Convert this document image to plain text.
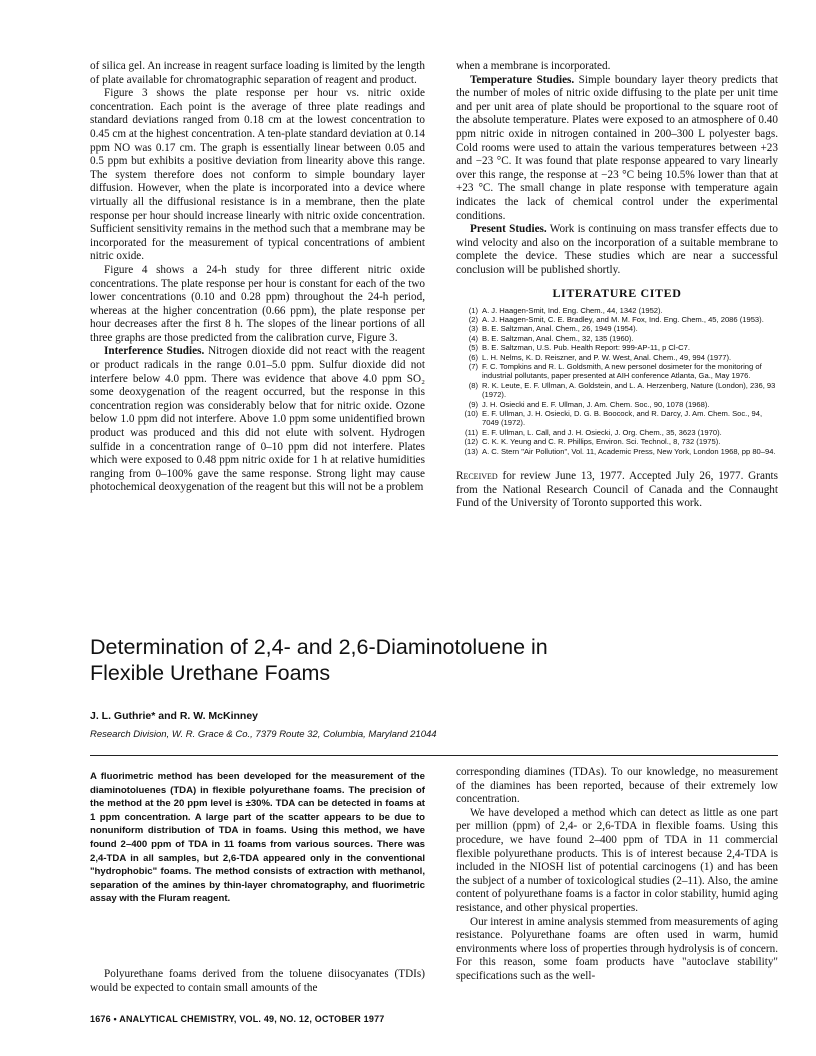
of silica gel. An increase in reagent surface loading is limited by the length of plate available for chromatographic separation of reagent and product.

Figure 3 shows the plate response per hour vs. nitric oxide concentration. Each point is the average of three plate readings and standard deviations ranged from 0.18 cm at the lowest concentration to 0.45 cm at the highest concentration. A ten-plate standard deviation at 0.14 ppm NO was 0.17 cm. The graph is essentially linear between 0.05 and 0.5 ppm but exhibits a positive deviation from linearity above this range. The system therefore does not conform to simple boundary layer diffusion. However, when the plate is incorporated into a device where virtually all the diffusional resistance is in a membrane, then the plate response per hour should increase linearly with nitric oxide concentration. Sufficient sensitivity remains in the method such that a membrane may be incorporated for the measurement of typical concentrations of ambient nitric oxide.

Figure 4 shows a 24-h study for three different nitric oxide concentrations. The plate response per hour is constant for each of the two lower concentrations (0.10 and 0.28 ppm) throughout the 24-h period, whereas at the higher concentration (0.66 ppm), the plate response per hour decreases after the first 8 h. The slopes of the linear portions of all three graphs are those predicted from the calibration curve, Figure 3.

Interference Studies. Nitrogen dioxide did not react with the reagent or product radicals in the range 0.01–5.0 ppm. Sulfur dioxide did not interfere below 4.0 ppm. There was evidence that above 4.0 ppm SO₂ some deoxygenation of the reagent occurred, but the response in this concentration region was considerably below that for nitric oxide. Ozone below 1.0 ppm did not interfere. Above 1.0 ppm some unidentified brown product was produced and this did not elute with solvent. Hydrogen sulfide in a concentration range of 0–10 ppm did not interfere. Plates which were exposed to 0.48 ppm nitric oxide for 1 h at relative humidities ranging from 0–100% gave the same response. Strong light may cause photochemical deoxygenation of the reagent but this will not be a problem

when a membrane is incorporated.

Temperature Studies. Simple boundary layer theory predicts that the number of moles of nitric oxide diffusing to the plate per unit time and per unit area of plate should be proportional to the square root of the absolute temperature. Plates were exposed to an atmosphere of 0.40 ppm nitric oxide in nitrogen contained in 200–300 L polyester bags. Cold rooms were used to attain the various temperatures between +23 and −23 °C. It was found that plate response appeared to vary linearly over this range, the response at −23 °C being 10.5% lower than that at +23 °C. The small change in plate response with temperature again indicates the lack of chemical control under the experimental conditions.

Present Studies. Work is continuing on mass transfer effects due to wind velocity and also on the incorporation of a suitable membrane to complete the device. These studies which are near a successful conclusion will be published shortly.

LITERATURE CITED
(1) A. J. Haagen-Smit, Ind. Eng. Chem., 44, 1342 (1952).
(2) A. J. Haagen-Smit, C. E. Bradley, and M. M. Fox, Ind. Eng. Chem., 45, 2086 (1953).
(3) B. E. Saltzman, Anal. Chem., 26, 1949 (1954).
(4) B. E. Saltzman, Anal. Chem., 32, 135 (1960).
(5) B. E. Saltzman, U.S. Pub. Health Report: 999-AP-11, p Cl-C7.
(6) L. H. Nelms, K. D. Reiszner, and P. W. West, Anal. Chem., 49, 994 (1977).
(7) F. C. Tompkins and R. L. Goldsmith, A new personel dosimeter for the monitoring of industrial pollutants, paper presented at AIH conference Atlanta, Ga., May 1976.
(8) R. K. Leute, E. F. Ullman, A. Goldstein, and L. A. Herzenberg, Nature (London), 236, 93 (1972).
(9) J. H. Osiecki and E. F. Ullman, J. Am. Chem. Soc., 90, 1078 (1968).
(10) E. F. Ullman, J. H. Osiecki, D. G. B. Boocock, and R. Darcy, J. Am. Chem. Soc., 94, 7049 (1972).
(11) E. F. Ullman, L. Call, and J. H. Osiecki, J. Org. Chem., 35, 3623 (1970).
(12) C. K. K. Yeung and C. R. Phillips, Environ. Sci. Technol., 8, 732 (1975).
(13) A. C. Stern "Air Pollution", Vol. 11, Academic Press, New York, London 1968, pp 80–94.

Received for review June 13, 1977. Accepted July 26, 1977. Grants from the National Research Council of Canada and the Connaught Fund of the University of Toronto supported this work.

Determination of 2,4- and 2,6-Diaminotoluene in
Flexible Urethane Foams

J. L. Guthrie* and R. W. McKinney

Research Division, W. R. Grace & Co., 7379 Route 32, Columbia, Maryland 21044

A fluorimetric method has been developed for the measurement of the diaminotoluenes (TDA) in flexible polyurethane foams. The precision of the method at the 20 ppm level is ±30%. TDA can be detected in foams at 1 ppm concentration. A large part of the scatter appears to be due to nonuniform distribution of TDA in foams. Using this method, we have found 2–400 ppm of TDA in 11 foams from various sources. There was 2,4-TDA in all samples, but 2,6-TDA appeared only in the conventional "hydrophobic" foams. The method consists of extraction with methanol, separation of the amines by thin-layer chromatography, and fluorimetric assay with the Fluram reagent.

Polyurethane foams derived from the toluene diisocyanates (TDIs) would be expected to contain small amounts of the

corresponding diamines (TDAs). To our knowledge, no measurement of the diamines has been reported, because of their extremely low concentration.

We have developed a method which can detect as little as one part per million (ppm) of 2,4- or 2,6-TDA in flexible foams. Using this procedure, we have found 2–400 ppm of TDA in 11 commercial flexible polyurethane products. This is of interest because 2,4-TDA is included in the NIOSH list of potential carcinogens (1) and has been the subject of a number of toxicological studies (2–11). Also, the amine content of polyurethane foams is a factor in color stability, humid aging resistance, and other physical properties.

Our interest in amine analysis stemmed from measurements of aging resistance. Polyurethane foams are often used in warm, humid environments where loss of properties through hydrolysis is of concern. For this reason, some foam products have "autoclave stability" specifications such as the well-

1676 • ANALYTICAL CHEMISTRY, VOL. 49, NO. 12, OCTOBER 1977
